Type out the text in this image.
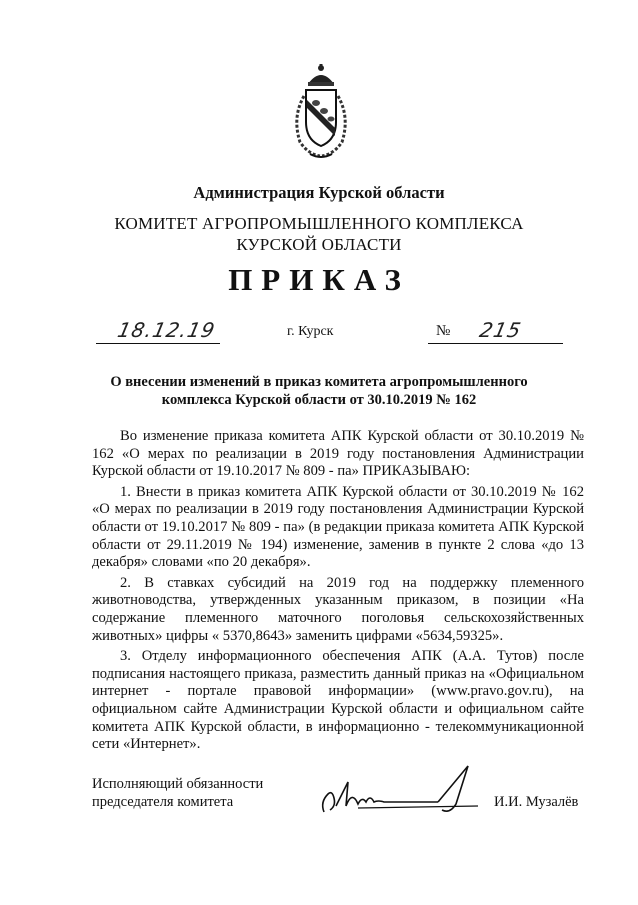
Администрация Курской области
КОМИТЕТ АГРОПРОМЫШЛЕННОГО КОМПЛЕКСА
КУРСКОЙ ОБЛАСТИ
ПРИКАЗ
18.12.19	г. Курск	№ 215
О внесении изменений в приказ комитета агропромышленного
комплекса Курской области от 30.10.2019 № 162

Во изменение приказа комитета АПК Курской области от 30.10.2019 № 162 «О мерах по реализации в 2019 году постановления Администрации Курской области от 19.10.2017 № 809 - па» ПРИКАЗЫВАЮ:

1. Внести в приказ комитета АПК Курской области от 30.10.2019 № 162 «О мерах по реализации в 2019 году постановления Администрации Курской области от 19.10.2017 № 809 - па» (в редакции приказа комитета АПК Курской области от 29.11.2019 № 194) изменение, заменив в пункте 2 слова «до 13 декабря» словами «по 20 декабря».

2. В ставках субсидий на 2019 год на поддержку племенного животноводства, утвержденных указанным приказом, в позиции «На содержание племенного маточного поголовья сельскохозяйственных животных» цифры « 5370,8643» заменить цифрами «5634,59325».

3. Отделу информационного обеспечения АПК (А.А. Тутов) после подписания настоящего приказа, разместить данный приказ на «Официальном интернет - портале правовой информации» (www.pravo.gov.ru), на официальном сайте Администрации Курской области и официальном сайте комитета АПК Курской области, в информационно - телекоммуникационной сети «Интернет».

Исполняющий обязанности
председателя комитета	И.И. Музалёв
